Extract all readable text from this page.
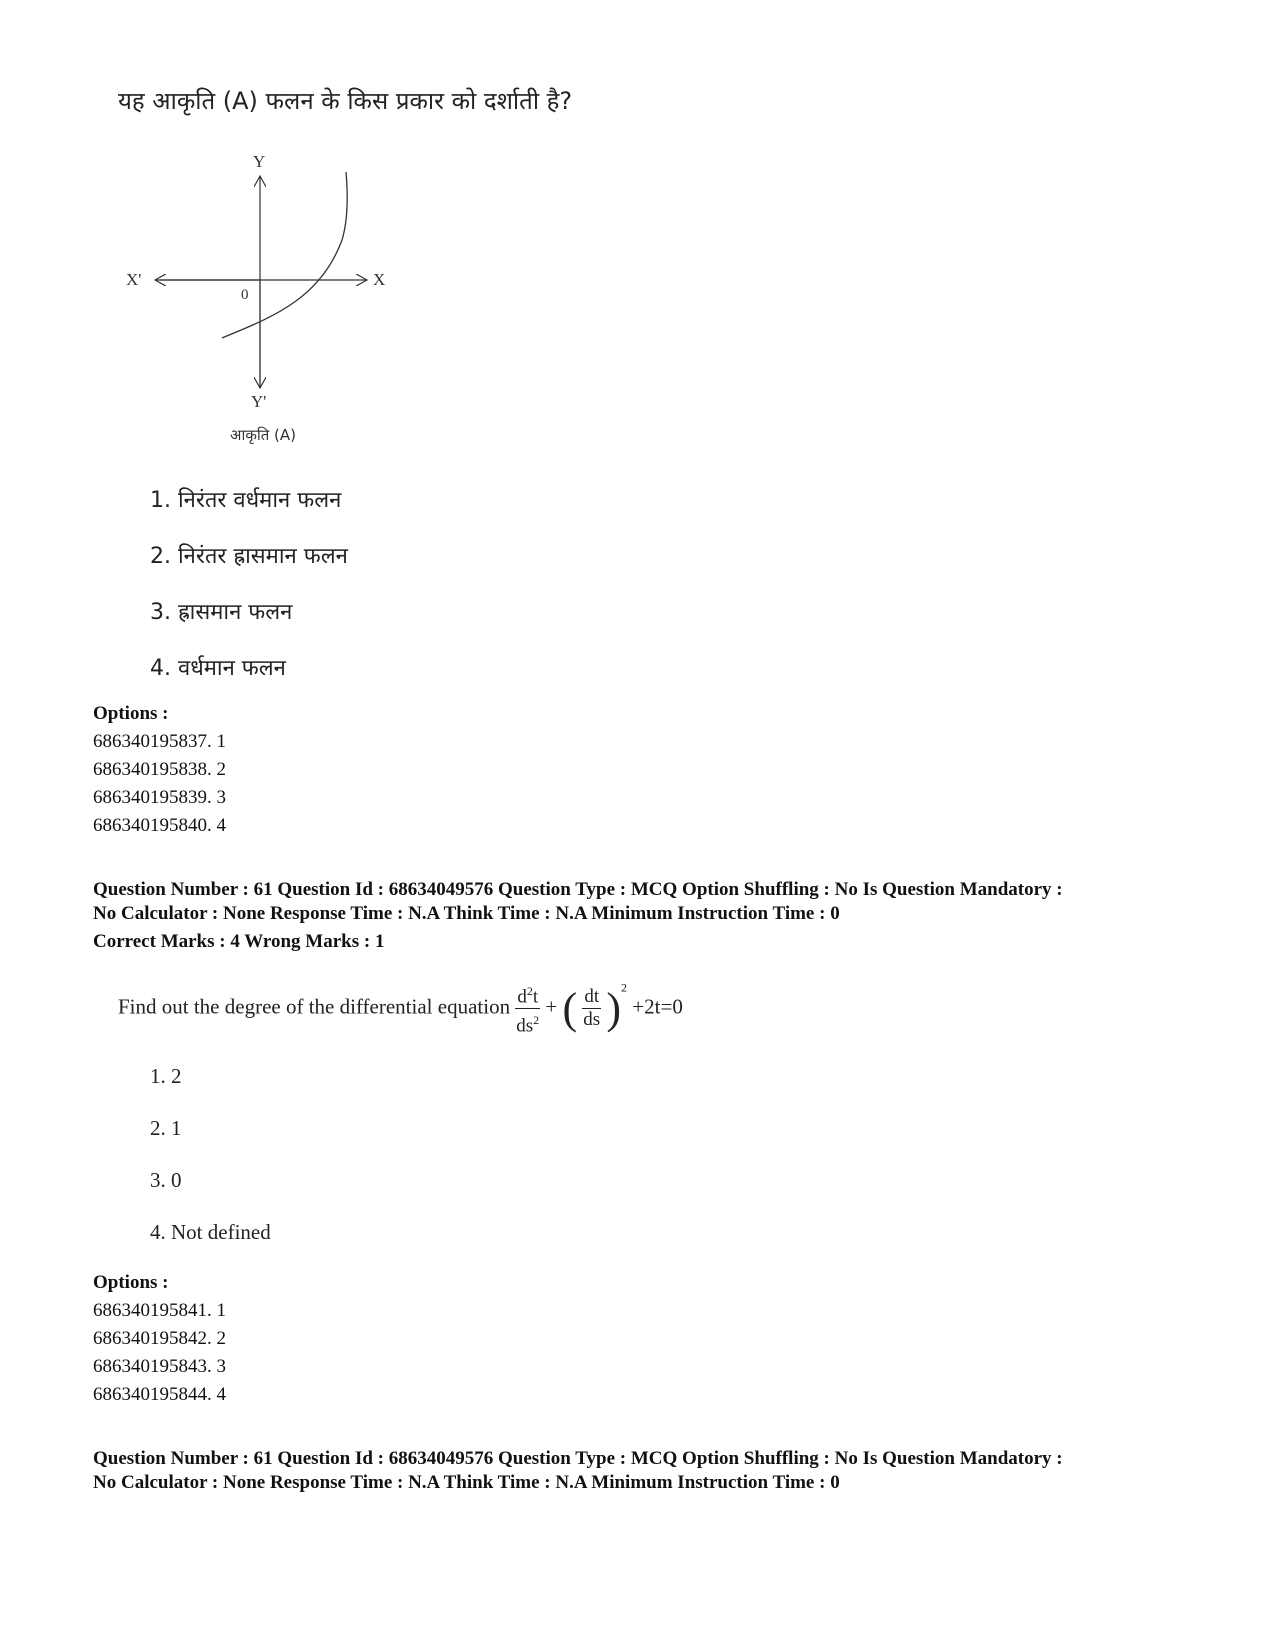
यह आकृति (A) फलन के किस प्रकार को दर्शाती है?

Y
Y'
X
X'
0
आकृति (A)

1. निरंतर वर्धमान फलन

2. निरंतर ह्रासमान फलन

3. ह्रासमान फलन

4. वर्धमान फलन

Options :

686340195837. 1

686340195838. 2

686340195839. 3

686340195840. 4

Question Number : 61 Question Id : 68634049576 Question Type : MCQ Option Shuffling : No Is Question Mandatory :
No Calculator : None Response Time : N.A Think Time : N.A Minimum Instruction Time : 0

Correct Marks : 4 Wrong Marks : 1

Find out the degree of the differential equation $\frac{d^2t}{ds^2}$ + ( $\frac{dt}{ds} )^2 +2t=0$

1. 2

2. 1

3. 0

4. Not defined

Options :

686340195841. 1

686340195842. 2

686340195843. 3

686340195844. 4

Question Number : 61 Question Id : 68634049576 Question Type : MCQ Option Shuffling : No Is Question Mandatory :
No Calculator : None Response Time : N.A Think Time : N.A Minimum Instruction Time : 0
